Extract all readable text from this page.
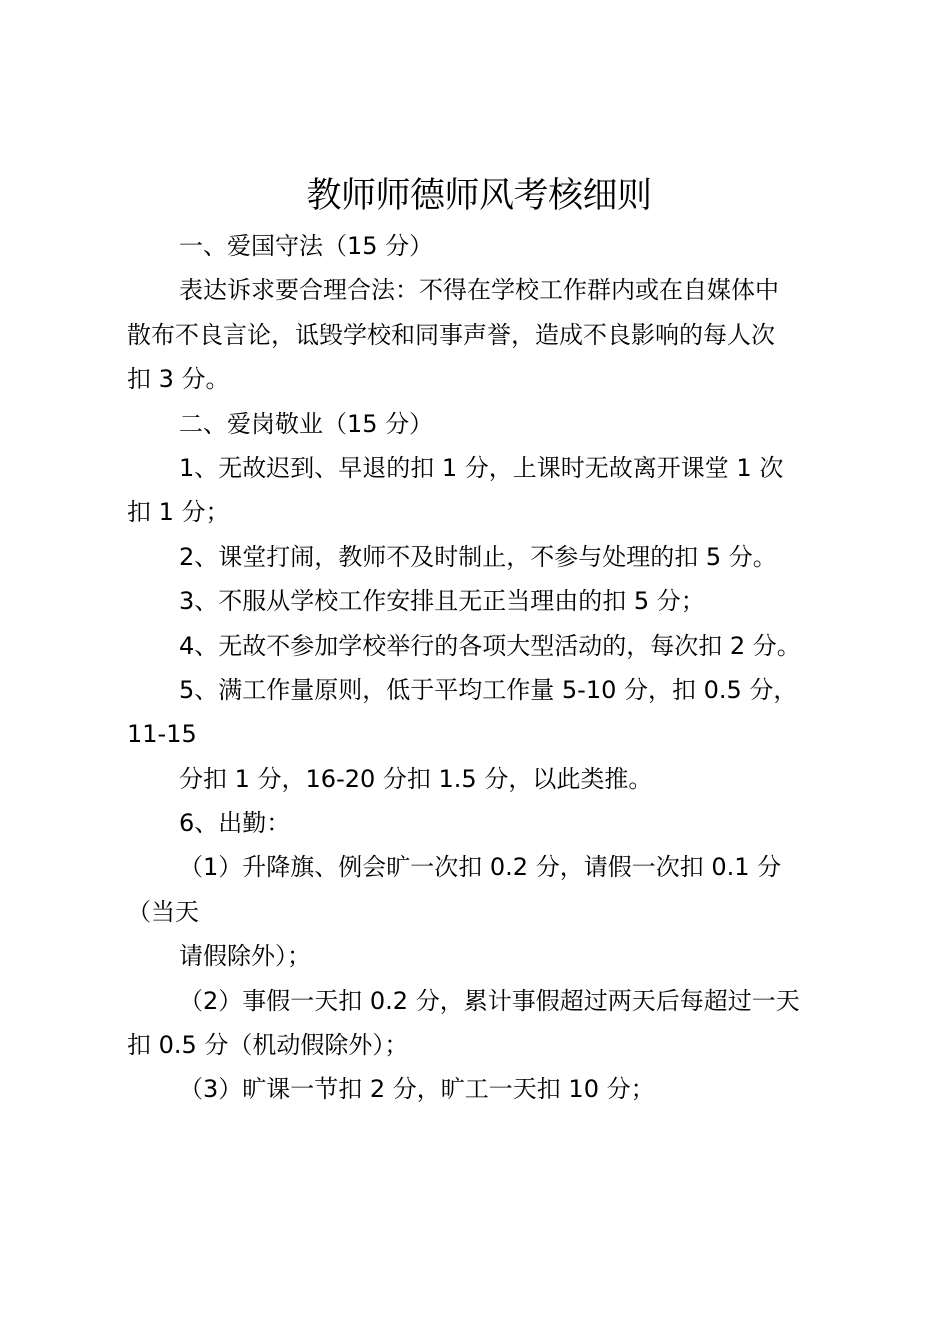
教师师德师风考核细则
一、爱国守法（15 分）
表达诉求要合理合法：不得在学校工作群内或在自媒体中
散布不良言论，诋毁学校和同事声誉，造成不良影响的每人次
扣 3 分。
二、爱岗敬业（15 分）
1、无故迟到、早退的扣 1 分，上课时无故离开课堂 1 次
扣 1 分；
2、课堂打闹，教师不及时制止，不参与处理的扣 5 分。
3、不服从学校工作安排且无正当理由的扣 5 分；
4、无故不参加学校举行的各项大型活动的，每次扣 2 分。
5、满工作量原则，低于平均工作量 5-10 分，扣 0.5 分，
11-15
分扣 1 分，16-20 分扣 1.5 分，以此类推。
6、出勤：
（1）升降旗、例会旷一次扣 0.2 分，请假一次扣 0.1 分
（当天
请假除外）；
（2）事假一天扣 0.2 分，累计事假超过两天后每超过一天
扣 0.5 分（机动假除外）；
（3）旷课一节扣 2 分，旷工一天扣 10 分；
